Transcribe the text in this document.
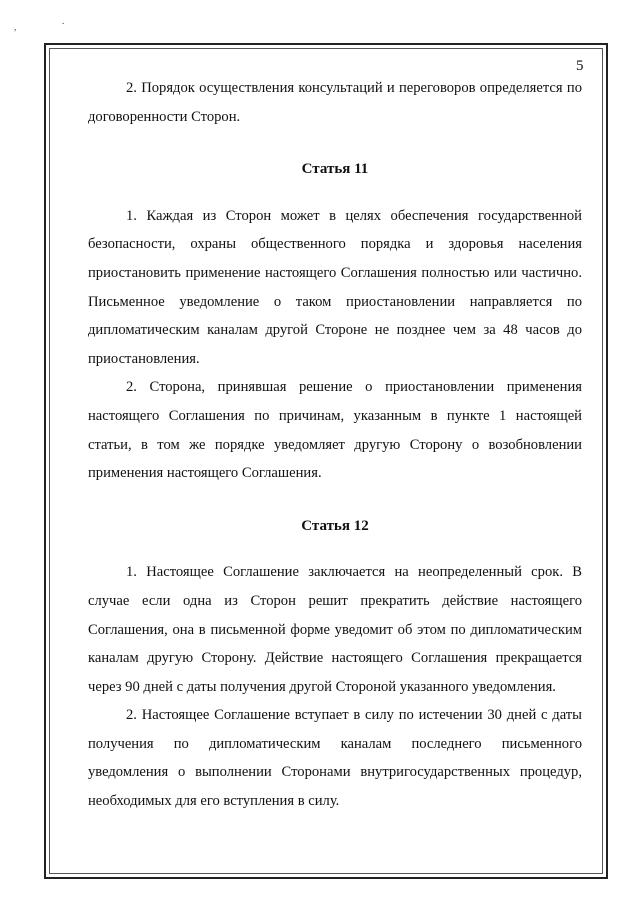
,
.
5

2. Порядок осуществления консультаций и переговоров определяется по договоренности Сторон.

Статья 11

1. Каждая из Сторон может в целях обеспечения государственной безопасности, охраны общественного порядка и здоровья населения приостановить применение настоящего Соглашения полностью или частично. Письменное уведомление о таком приостановлении направляется по дипломатическим каналам другой Стороне не позднее чем за 48 часов до приостановления.

2. Сторона, принявшая решение о приостановлении применения настоящего Соглашения по причинам, указанным в пункте 1 настоящей статьи, в том же порядке уведомляет другую Сторону о возобновлении применения настоящего Соглашения.

Статья 12

1. Настоящее Соглашение заключается на неопределенный срок. В случае если одна из Сторон решит прекратить действие настоящего Соглашения, она в письменной форме уведомит об этом по дипломатическим каналам другую Сторону. Действие настоящего Соглашения прекращается через 90 дней с даты получения другой Стороной указанного уведомления.

2. Настоящее Соглашение вступает в силу по истечении 30 дней с даты получения по дипломатическим каналам последнего письменного уведомления о выполнении Сторонами внутригосударственных процедур, необходимых для его вступления в силу.
